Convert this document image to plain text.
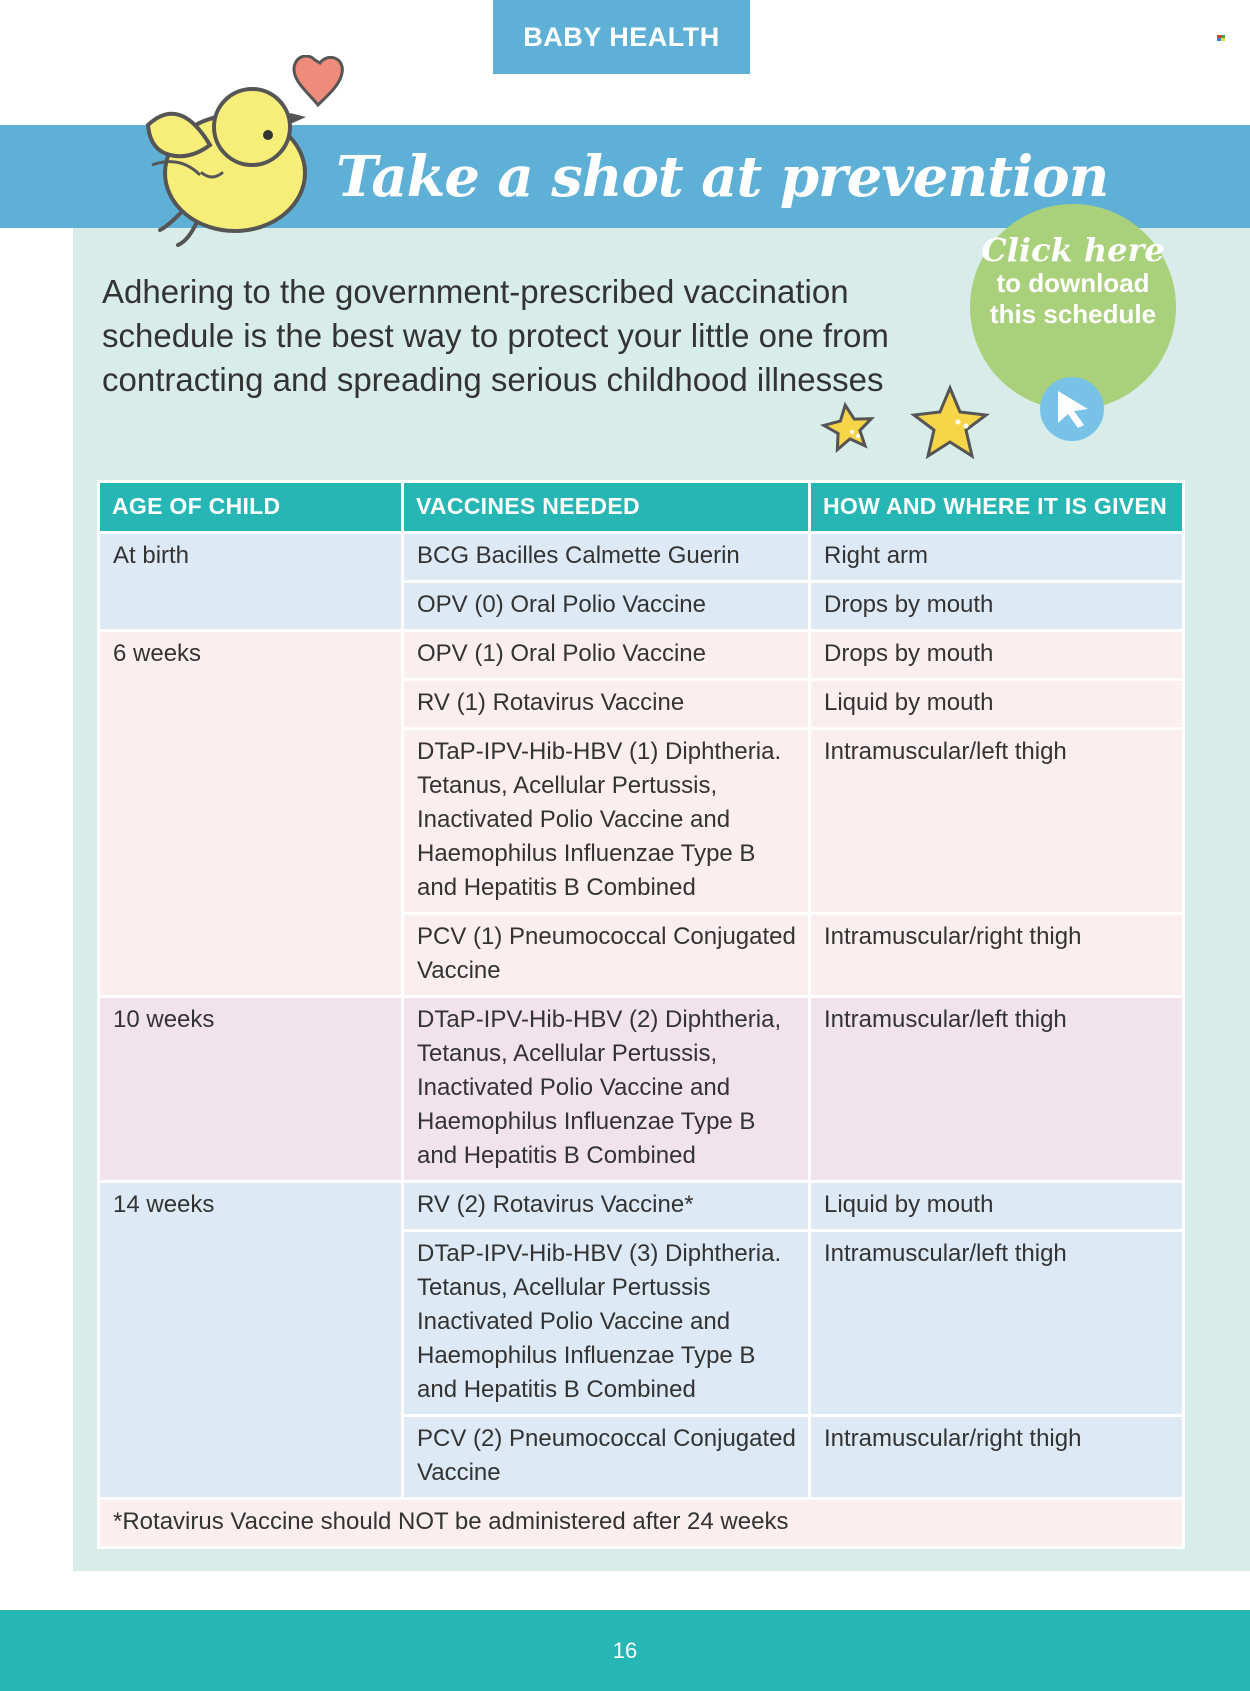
BABY HEALTH
Take a shot at prevention
Adhering to the government-prescribed vaccination schedule is the best way to protect your little one from contracting and spreading serious childhood illnesses
Click here
to download this schedule
AGE OF CHILD	VACCINES NEEDED	HOW AND WHERE IT IS GIVEN
At birth	BCG Bacilles Calmette Guerin	Right arm
	OPV (0) Oral Polio Vaccine	Drops by mouth
6 weeks	OPV (1) Oral Polio Vaccine	Drops by mouth
	RV (1) Rotavirus Vaccine	Liquid by mouth
	DTaP-IPV-Hib-HBV (1) Diphtheria. Tetanus, Acellular Pertussis, Inactivated Polio Vaccine and Haemophilus Influenzae Type B and Hepatitis B Combined	Intramuscular/left thigh
	PCV (1) Pneumococcal Conjugated Vaccine	Intramuscular/right thigh
10 weeks	DTaP-IPV-Hib-HBV (2) Diphtheria, Tetanus, Acellular Pertussis, Inactivated Polio Vaccine and Haemophilus Influenzae Type B and Hepatitis B Combined	Intramuscular/left thigh
14 weeks	RV (2) Rotavirus Vaccine*	Liquid by mouth
	DTaP-IPV-Hib-HBV (3) Diphtheria. Tetanus, Acellular Pertussis Inactivated Polio Vaccine and Haemophilus Influenzae Type B and Hepatitis B Combined	Intramuscular/left thigh
	PCV (2) Pneumococcal Conjugated Vaccine	Intramuscular/right thigh
*Rotavirus Vaccine should NOT be administered after 24 weeks		
16
